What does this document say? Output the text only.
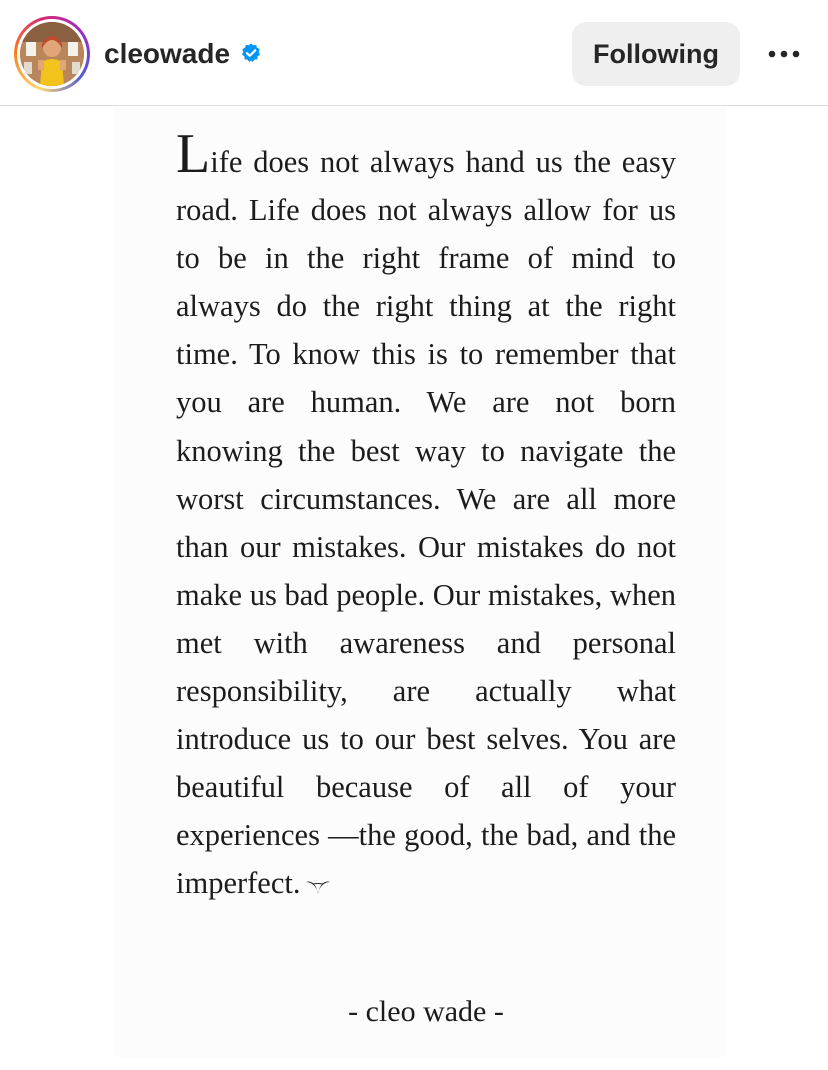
cleowade	Following

Life does not always hand us the easy road. Life does not always allow for us to be in the right frame of mind to always do the right thing at the right time. To know this is to remember that you are human. We are not born knowing the best way to navigate the worst circumstances. We are all more than our mistakes. Our mistakes do not make us bad people. Our mistakes, when met with awareness and personal responsibility, are actually what introduce us to our best selves. You are beautiful because of all of your experiences —the good, the bad, and the imperfect.

- cleo wade -
